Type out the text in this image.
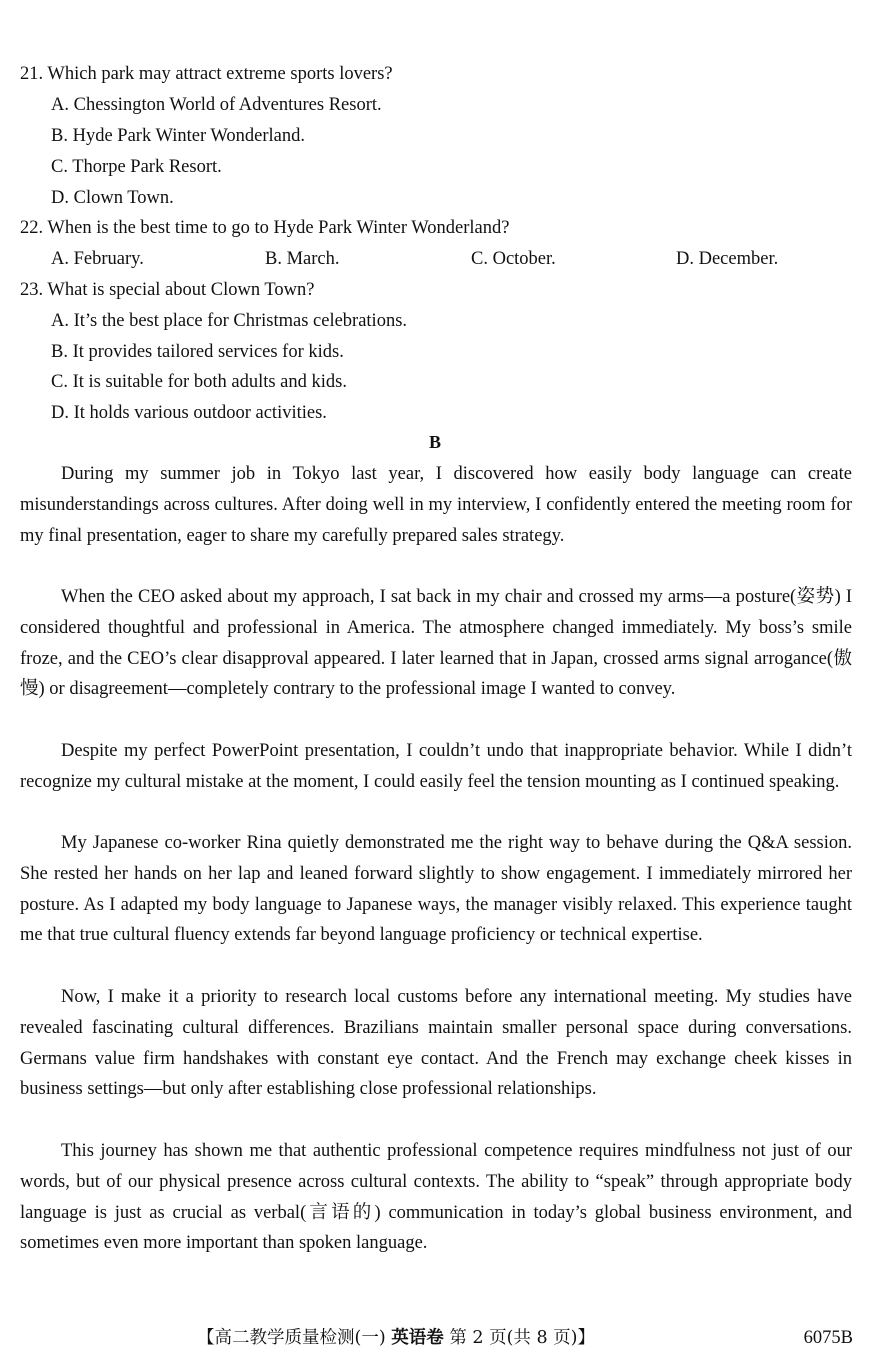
21. Which park may attract extreme sports lovers?
A. Chessington World of Adventures Resort.
B. Hyde Park Winter Wonderland.
C. Thorpe Park Resort.
D. Clown Town.
22. When is the best time to go to Hyde Park Winter Wonderland?
A. February.	B. March.	C. October.	D. December.
23. What is special about Clown Town?
A. It’s the best place for Christmas celebrations.
B. It provides tailored services for kids.
C. It is suitable for both adults and kids.
D. It holds various outdoor activities.
B

During my summer job in Tokyo last year, I discovered how easily body language can create misunderstandings across cultures. After doing well in my interview, I confidently entered the meeting room for my final presentation, eager to share my carefully prepared sales strategy.

When the CEO asked about my approach, I sat back in my chair and crossed my arms—a posture(姿势) I considered thoughtful and professional in America. The atmosphere changed immediately. My boss’s smile froze, and the CEO’s clear disapproval appeared. I later learned that in Japan, crossed arms signal arrogance(傲慢) or disagreement—completely contrary to the professional image I wanted to convey.

Despite my perfect PowerPoint presentation, I couldn’t undo that inappropriate behavior. While I didn’t recognize my cultural mistake at the moment, I could easily feel the tension mounting as I continued speaking.

My Japanese co-worker Rina quietly demonstrated me the right way to behave during the Q&A session. She rested her hands on her lap and leaned forward slightly to show engagement. I immediately mirrored her posture. As I adapted my body language to Japanese ways, the manager visibly relaxed. This experience taught me that true cultural fluency extends far beyond language proficiency or technical expertise.

Now, I make it a priority to research local customs before any international meeting. My studies have revealed fascinating cultural differences. Brazilians maintain smaller personal space during conversations. Germans value firm handshakes with constant eye contact. And the French may exchange cheek kisses in business settings—but only after establishing close professional relationships.

This journey has shown me that authentic professional competence requires mindfulness not just of our words, but of our physical presence across cultural contexts. The ability to “speak” through appropriate body language is just as crucial as verbal(言语的) communication in today’s global business environment, and sometimes even more important than spoken language.

【高二教学质量检测(一) 英语卷 第 2 页(共 8 页)】	6075B
